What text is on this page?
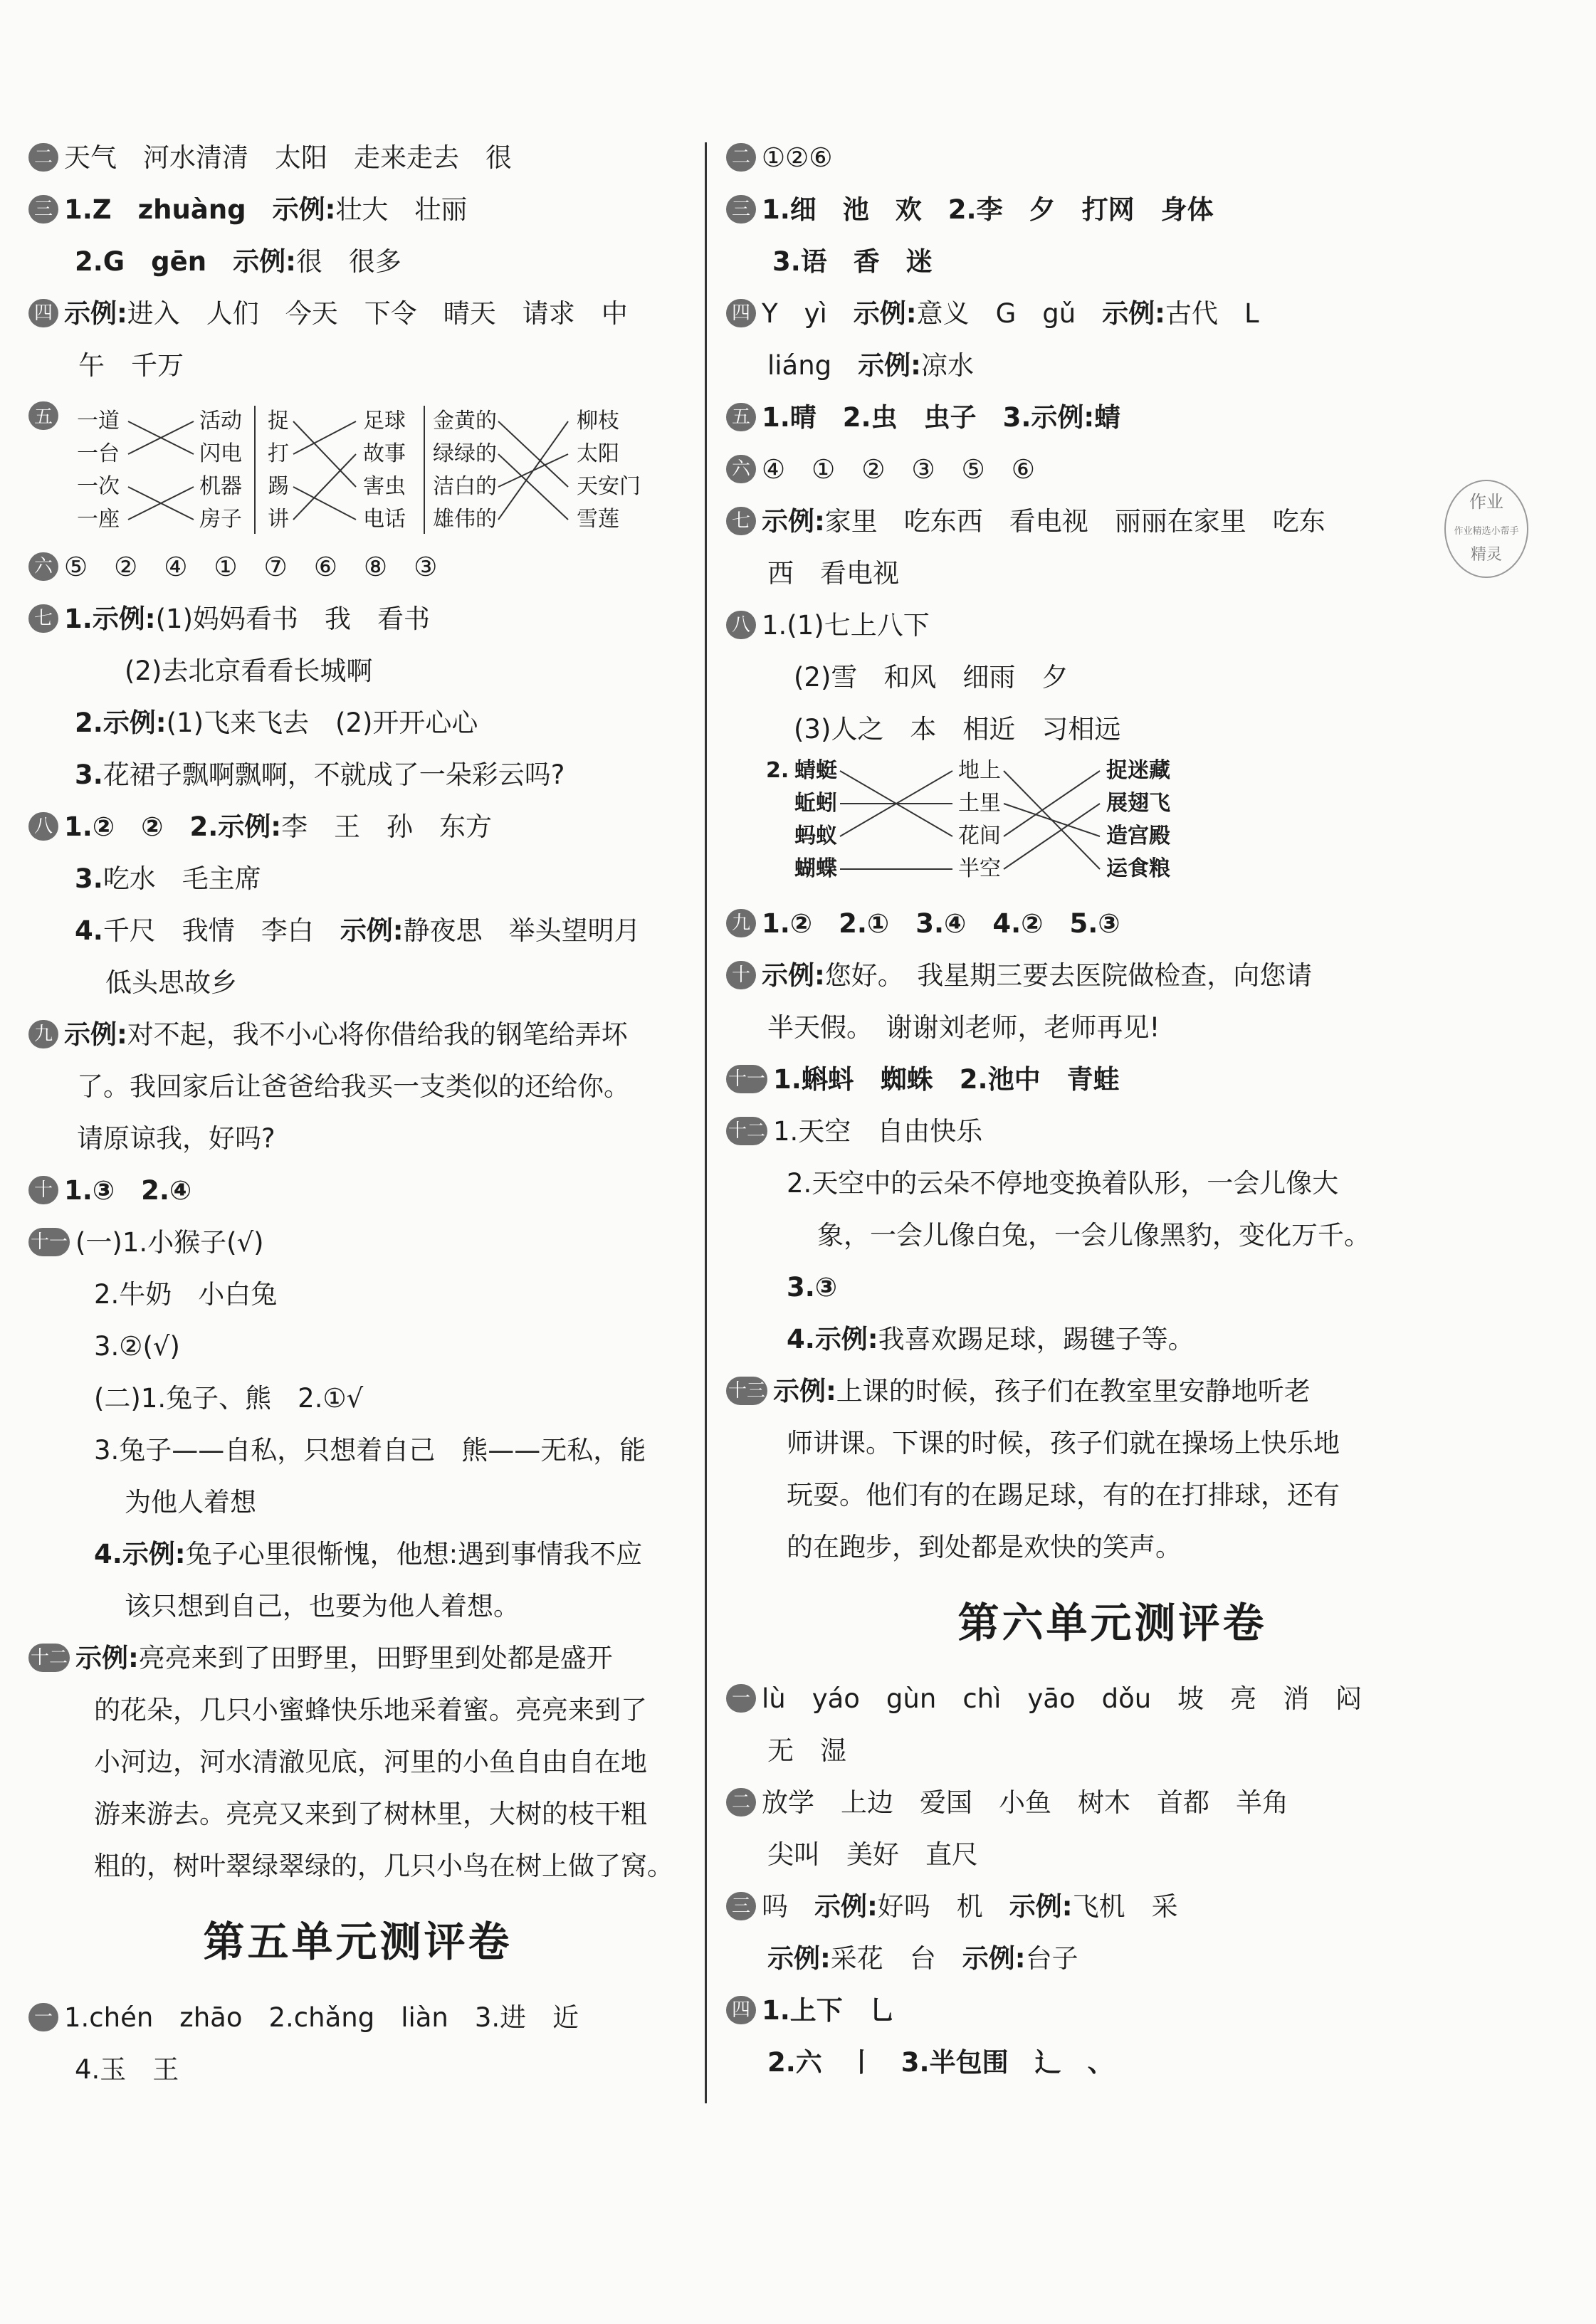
二 天气　河水清清　太阳　走来走去　很
三 1.Z　zhuàng　示例:壮大　壮丽
2.G　gēn　示例:很　很多
四 示例:进入　人们　今天　下令　晴天　请求　中
午　千万
五 一道
一台
一次
一座
活动
闪电
机器
房子
捉
打
踢
讲
足球
故事
害虫
电话
金黄的
绿绿的
洁白的
雄伟的
柳枝
太阳
天安门
雪莲
六 ⑤　②　④　①　⑦　⑥　⑧　③
七 1.示例:(1)妈妈看书　我　看书
(2)去北京看看长城啊
2.示例:(1)飞来飞去　(2)开开心心
3.花裙子飘啊飘啊，不就成了一朵彩云吗?
八 1.②　②　2.示例:李　王　孙　东方
3.吃水　毛主席
4.千尺　我情　李白　示例:静夜思　举头望明月
低头思故乡
九 示例:对不起，我不小心将你借给我的钢笔给弄坏
了。我回家后让爸爸给我买一支类似的还给你。
请原谅我，好吗?
十 1.③　2.④
十一 (一)1.小猴子(√)
2.牛奶　小白兔
3.②(√)
(二)1.兔子、熊　2.①√
3.兔子——自私，只想着自己　熊——无私，能
为他人着想
4.示例:兔子心里很惭愧，他想:遇到事情我不应
该只想到自己，也要为他人着想。
十二 示例:亮亮来到了田野里，田野里到处都是盛开
的花朵，几只小蜜蜂快乐地采着蜜。亮亮来到了
小河边，河水清澈见底，河里的小鱼自由自在地
游来游去。亮亮又来到了树林里，大树的枝干粗
粗的，树叶翠绿翠绿的，几只小鸟在树上做了窝。
第五单元测评卷
一 1.chén　zhāo　2.chǎng　liàn　3.进　近
4.玉　王
二 ①②⑥
三 1.细　池　欢　2.李　夕　打网　身体
3.语　香　迷
四 Y　yì　示例:意义　G　gǔ　示例:古代　L
liáng　示例:凉水
五 1.晴　2.虫　虫子　3.示例:蜻
六 ④　①　②　③　⑤　⑥
七 示例:家里　吃东西　看电视　丽丽在家里　吃东
西　看电视
八 1.(1)七上八下
(2)雪　和风　细雨　夕
(3)人之　本　相近　习相远
2. 蜻蜓
蚯蚓
蚂蚁
蝴蝶
地上
土里
花间
半空
捉迷藏
展翅飞
造宫殿
运食粮
九 1.②　2.①　3.④　4.②　5.③
十 示例:您好。　我星期三要去医院做检查，向您请
半天假。　谢谢刘老师，老师再见!
十一 1.蝌蚪　蜘蛛　2.池中　青蛙
十二 1.天空　自由快乐
2.天空中的云朵不停地变换着队形，一会儿像大
象，一会儿像白兔，一会儿像黑豹，变化万千。
3.③
4.示例:我喜欢踢足球，踢毽子等。
十三 示例:上课的时候，孩子们在教室里安静地听老
师讲课。下课的时候，孩子们就在操场上快乐地
玩耍。他们有的在踢足球，有的在打排球，还有
的在跑步，到处都是欢快的笑声。
第六单元测评卷
一 lù　yáo　gùn　chì　yāo　dǒu　坡　亮　消　闷
无　湿
二 放学　上边　爱国　小鱼　树木　首都　羊角
尖叫　美好　直尺
三 吗　示例:好吗　机　示例:飞机　采
示例:采花　台　示例:台子
四 1.上下　乚
2.六　丨　3.半包围　辶　、
作业
作业精选小帮手
精灵
